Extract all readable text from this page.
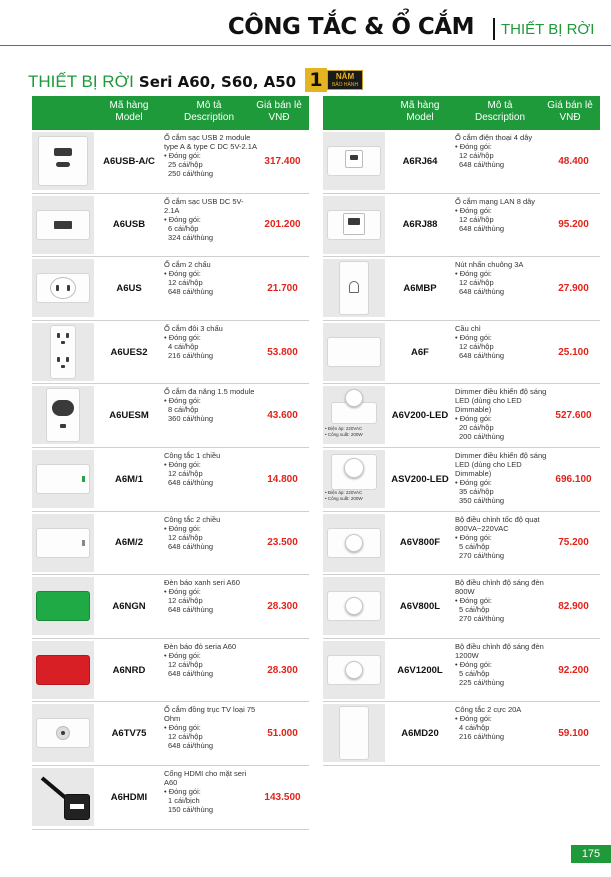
CÔNG TẮC & Ổ CẮM THIẾT BỊ RỜI
THIẾT BỊ RỜI Seri A60, S60, A50 1	NĂM
BẢO HÀNH
Mã hàng
Model
Mô tả
Description
Giá bán lẻ
VNĐ
A6USB-A/C
Ổ cắm sạc USB 2 module type A & type C DC 5V-2.1A
• Đóng gói:
25 cái/hộp
250 cái/thùng
317.400
A6USB
Ổ cắm sạc USB DC 5V-2.1A
• Đóng gói:
6 cái/hộp
324 cái/thùng
201.200
A6US
Ổ cắm 2 chấu
• Đóng gói:
12 cái/hộp
648 cái/thùng	21.700
A6UES2
Ổ cắm đôi 3 chấu
• Đóng gói:
4 cái/hộp
216 cái/thùng	53.800
A6UESM
Ổ cắm đa năng 1.5 module
• Đóng gói:
8 cái/hộp
360 cái/thùng	43.600
A6M/1
Công tắc 1 chiều
• Đóng gói:
12 cái/hộp
648 cái/thùng	14.800
A6M/2
Công tắc 2 chiều
• Đóng gói:
12 cái/hộp
648 cái/thùng	23.500
A6NGN
Đèn báo xanh seri A60
• Đóng gói:
12 cái/hộp
648 cái/thùng	28.300
A6NRD
Đèn báo đỏ seria A60
• Đóng gói:
12 cái/hộp
648 cái/thùng	28.300
A6TV75
Ổ cắm đồng trục TV loại 75 Ohm
• Đóng gói:
12 cái/hộp
648 cái/thùng
51.000
A6HDMI
Cổng HDMI cho mặt seri A60
• Đóng gói:
1 cái/bịch
150 cái/thùng
143.500
Mã hàng
Model
Mô tả
Description
Giá bán lẻ
VNĐ
A6RJ64
Ổ cắm điện thoại 4 dây
• Đóng gói:
12 cái/hộp
648 cái/thùng	48.400
A6RJ88
Ổ cắm mạng LAN 8 dây
• Đóng gói:
12 cái/hộp
648 cái/thùng	95.200
A6MBP
Nút nhấn chuông 3A
• Đóng gói:
12 cái/hộp
648 cái/thùng	27.900
A6F
Cầu chì
• Đóng gói:
12 cái/hộp
648 cái/thùng	25.100
• Điện áp: 220VAC
• Công suất: 200W
A6V200-LED
Dimmer điều khiển độ sáng LED (dùng cho LED Dimmable)
• Đóng gói:
20 cái/hộp
200 cái/thùng
527.600
• Điện áp: 220VAC
• Công suất: 200W
ASV200-LED
Dimmer điều khiển độ sáng LED (dùng cho LED Dimmable)
• Đóng gói:
35 cái/hộp
350 cái/thùng
696.100
A6V800F
Bộ điều chỉnh tốc độ quạt 800VA~220VAC
• Đóng gói:
5 cái/hộp
270 cái/thùng
75.200
A6V800L
Bộ điều chỉnh độ sáng đèn 800W
• Đóng gói:
5 cái/hộp
270 cái/thùng
82.900
A6V1200L
Bộ điều chỉnh độ sáng đèn 1200W
• Đóng gói:
5 cái/hộp
225 cái/thùng
92.200
A6MD20
Công tắc 2 cực 20A
• Đóng gói:
4 cái/hộp
216 cái/thùng	59.100
175
